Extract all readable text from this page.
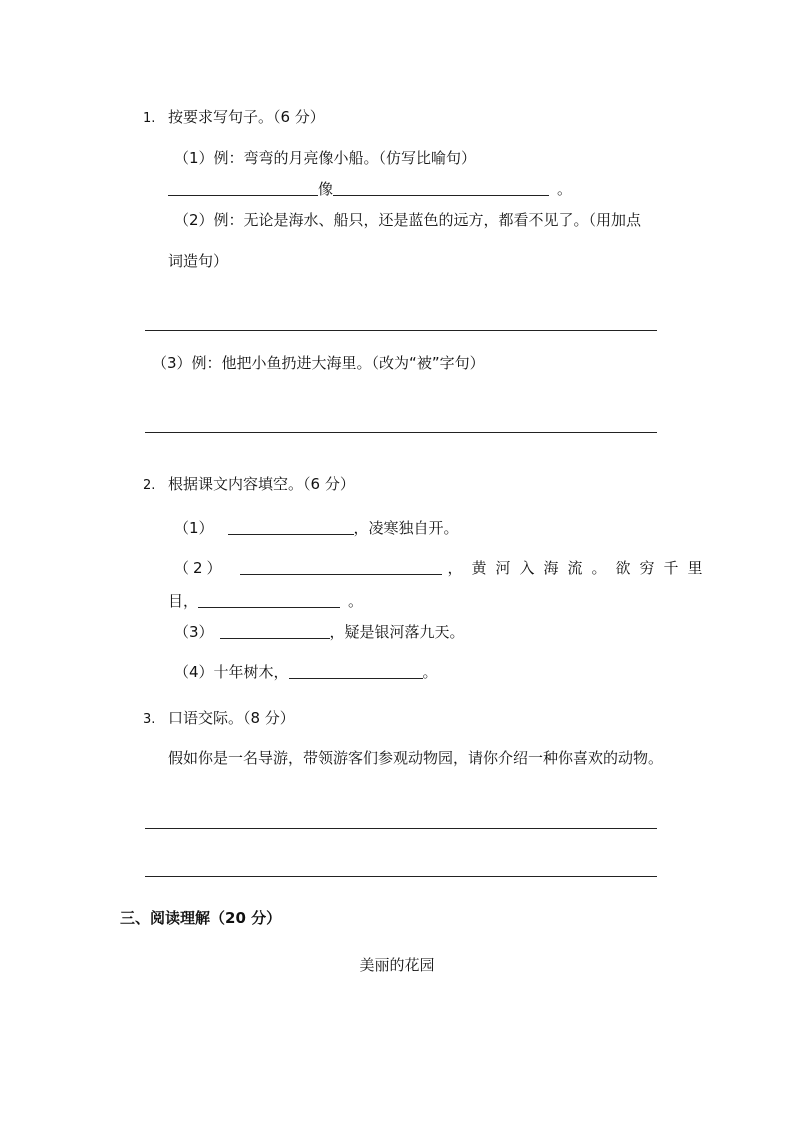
1. 按要求写句子。（6 分）
（1）例：弯弯的月亮像小船。（仿写比喻句）
像	。
（2）例：无论是海水、船只，还是蓝色的远方，都看不见了。（用加点
词造句）
（3）例：他把小鱼扔进大海里。（改为“被”字句）
2. 根据课文内容填空。（6 分）
（1）	，凌寒独自开。
（2）	，黄河入海流。欲穷千里
目，	。
（3）	，疑是银河落九天。
（4）十年树木，	。
3. 口语交际。（8 分）
假如你是一名导游，带领游客们参观动物园，请你介绍一种你喜欢的动物。
三、阅读理解（20 分）
美丽的花园
